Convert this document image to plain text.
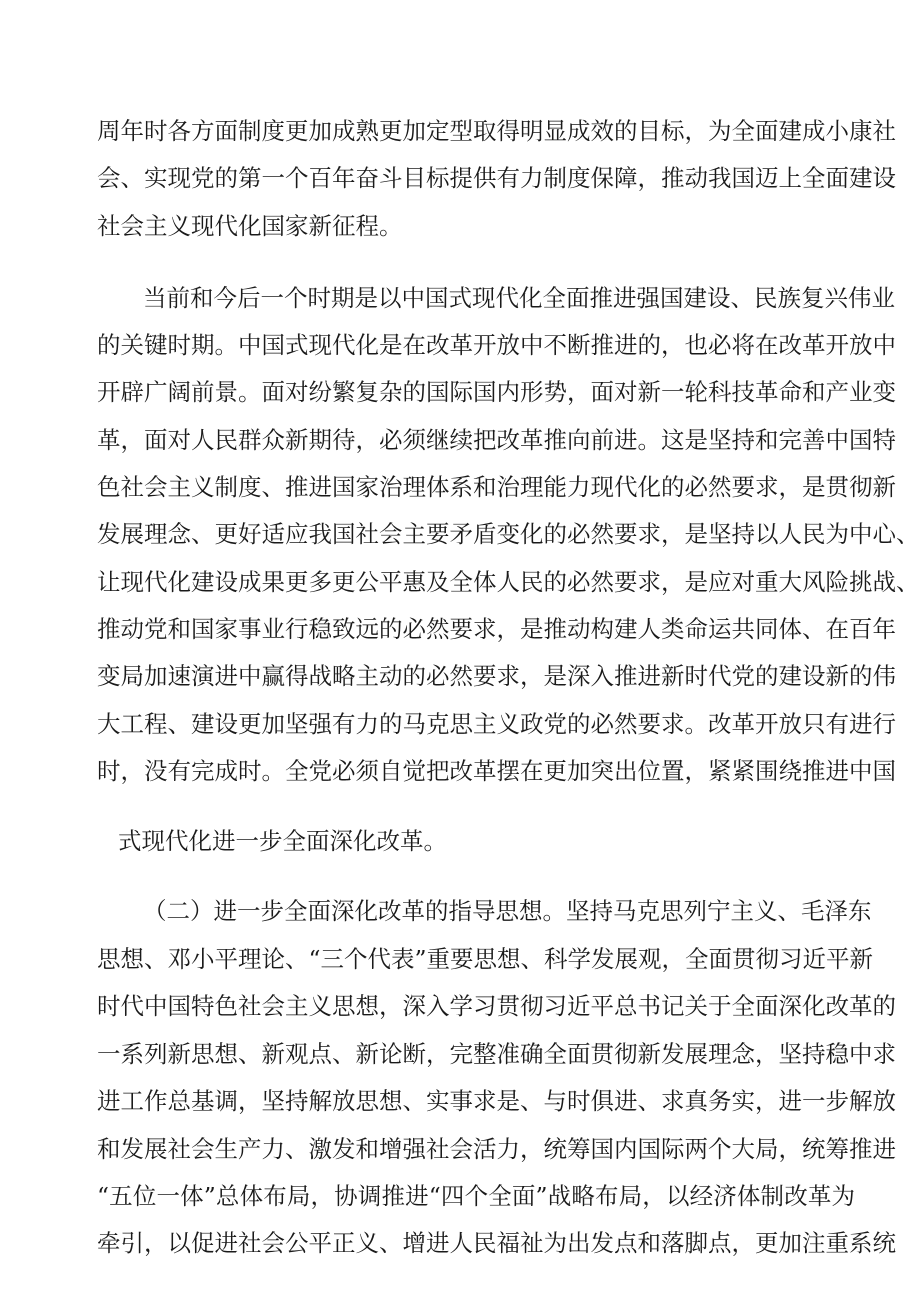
周年时各方面制度更加成熟更加定型取得明显成效的目标，为全面建成小康社
会、实现党的第一个百年奋斗目标提供有力制度保障，推动我国迈上全面建设
社会主义现代化国家新征程。
当前和今后一个时期是以中国式现代化全面推进强国建设、民族复兴伟业
的关键时期。中国式现代化是在改革开放中不断推进的，也必将在改革开放中
开辟广阔前景。面对纷繁复杂的国际国内形势，面对新一轮科技革命和产业变
革，面对人民群众新期待，必须继续把改革推向前进。这是坚持和完善中国特
色社会主义制度、推进国家治理体系和治理能力现代化的必然要求，是贯彻新
发展理念、更好适应我国社会主要矛盾变化的必然要求，是坚持以人民为中心、
让现代化建设成果更多更公平惠及全体人民的必然要求，是应对重大风险挑战、
推动党和国家事业行稳致远的必然要求，是推动构建人类命运共同体、在百年
变局加速演进中赢得战略主动的必然要求，是深入推进新时代党的建设新的伟
大工程、建设更加坚强有力的马克思主义政党的必然要求。改革开放只有进行
时，没有完成时。全党必须自觉把改革摆在更加突出位置，紧紧围绕推进中国
式现代化进一步全面深化改革。
（二）进一步全面深化改革的指导思想。坚持马克思列宁主义、毛泽东
思想、邓小平理论、“三个代表”重要思想、科学发展观，全面贯彻习近平新
时代中国特色社会主义思想，深入学习贯彻习近平总书记关于全面深化改革的
一系列新思想、新观点、新论断，完整准确全面贯彻新发展理念，坚持稳中求
进工作总基调，坚持解放思想、实事求是、与时俱进、求真务实，进一步解放
和发展社会生产力、激发和增强社会活力，统筹国内国际两个大局，统筹推进
“五位一体”总体布局，协调推进“四个全面”战略布局，以经济体制改革为
牵引，以促进社会公平正义、增进人民福祉为出发点和落脚点，更加注重系统
